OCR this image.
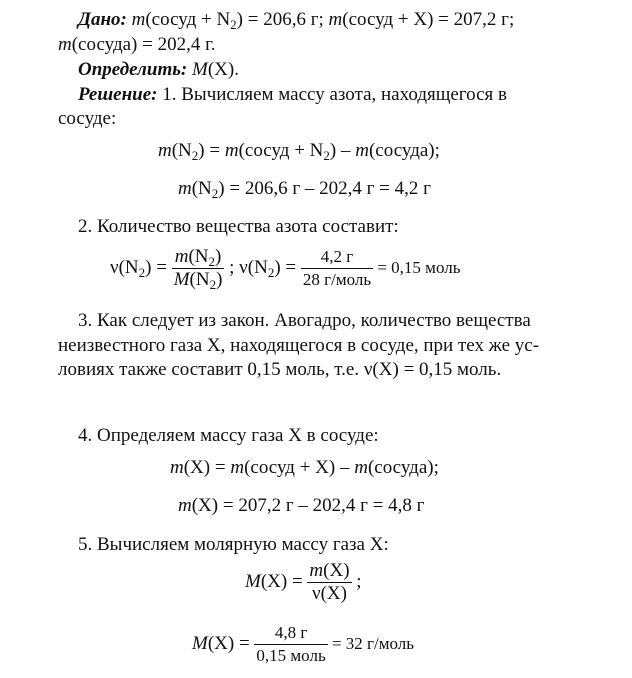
Дано: m(сосуд + $N_2) = 206,6$ г; m(сосуд + X) = 207,2 г;
m(сосуда) = 202,4 г.
Определить: M(X).
Решение: 1. Вычисляем массу азота, находящегося в
сосуде:
$m(N_2)$ = m(сосуд + $N_2$) – m(сосуда);
$m(N_2) = 206,6$ г – 202,4 г = 4,2 г
2. Количество вещества азота составит:
$\nu(N_2) = \frac{m(N_2)}{M(N_2)}$ ; $\nu(N_2) = \frac{4,2 г}{\text{28 г/моль}} = 0,15$ моль
3. Как следует из закон. Авогадро, количество вещества
неизвестного газа X, находящегося в сосуде, при тех же ус-
ловиях также составит 0,15 моль, т.е. ν(X) = 0,15 моль.
4. Определяем массу газа X в сосуде:
m(X) = m(сосуд + X) – m(сосуда);
m(X) = 207,2 г – 202,4 г = 4,8 г
5. Вычисляем молярную массу газа X:
$M(X) = \frac{m(X)}{\nu(X)}$ ;
$M(X) = \frac{4,8 г}{\text{0,15 моль}} = 32$ г/моль
